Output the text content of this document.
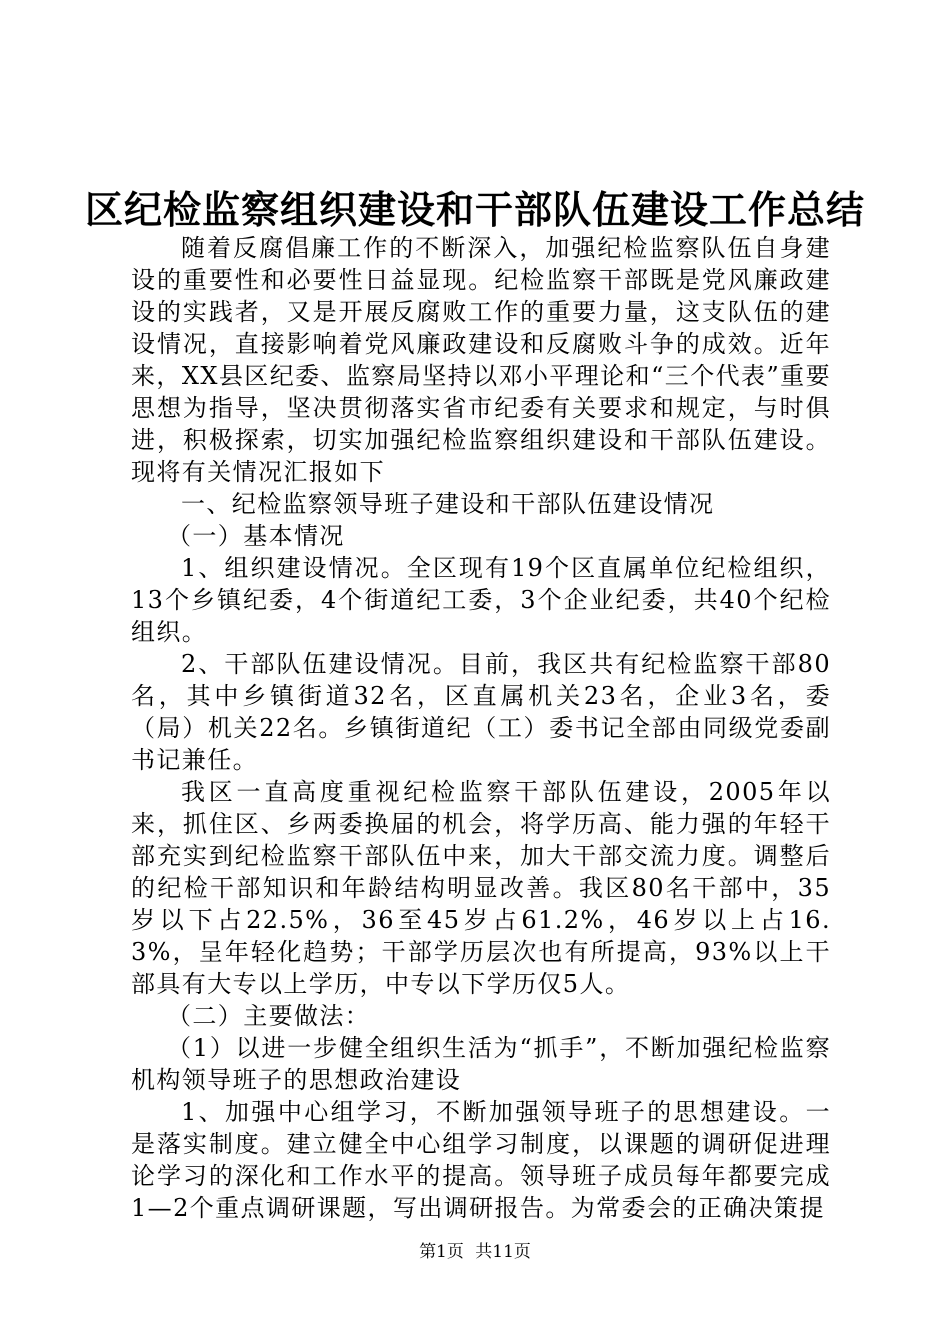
区纪检监察组织建设和干部队伍建设工作总结

随着反腐倡廉工作的不断深入，加强纪检监察队伍自身建设的重要性和必要性日益显现。纪检监察干部既是党风廉政建设的实践者，又是开展反腐败工作的重要力量，这支队伍的建设情况，直接影响着党风廉政建设和反腐败斗争的成效。近年来，XX县区纪委、监察局坚持以邓小平理论和“三个代表”重要思想为指导，坚决贯彻落实省市纪委有关要求和规定，与时俱进，积极探索，切实加强纪检监察组织建设和干部队伍建设。现将有关情况汇报如下

一、纪检监察领导班子建设和干部队伍建设情况

（一）基本情况

1、组织建设情况。全区现有19个区直属单位纪检组织，13个乡镇纪委，4个街道纪工委，3个企业纪委，共40个纪检组织。

2、干部队伍建设情况。目前，我区共有纪检监察干部80名，其中乡镇街道32名，区直属机关23名，企业3名，委（局）机关22名。乡镇街道纪（工）委书记全部由同级党委副书记兼任。

我区一直高度重视纪检监察干部队伍建设，2005年以来，抓住区、乡两委换届的机会，将学历高、能力强的年轻干部充实到纪检监察干部队伍中来，加大干部交流力度。调整后的纪检干部知识和年龄结构明显改善。我区80名干部中，35岁以下占22.5%，36至45岁占61.2%，46岁以上占16.3%，呈年轻化趋势；干部学历层次也有所提高，93%以上干部具有大专以上学历，中专以下学历仅5人。

（二）主要做法：

（1）以进一步健全组织生活为“抓手”，不断加强纪检监察机构领导班子的思想政治建设

1、加强中心组学习，不断加强领导班子的思想建设。一是落实制度。建立健全中心组学习制度，以课题的调研促进理论学习的深化和工作水平的提高。领导班子成员每年都要完成1—2个重点调研课题，写出调研报告。为常委会的正确决策提

第1页 共11页
